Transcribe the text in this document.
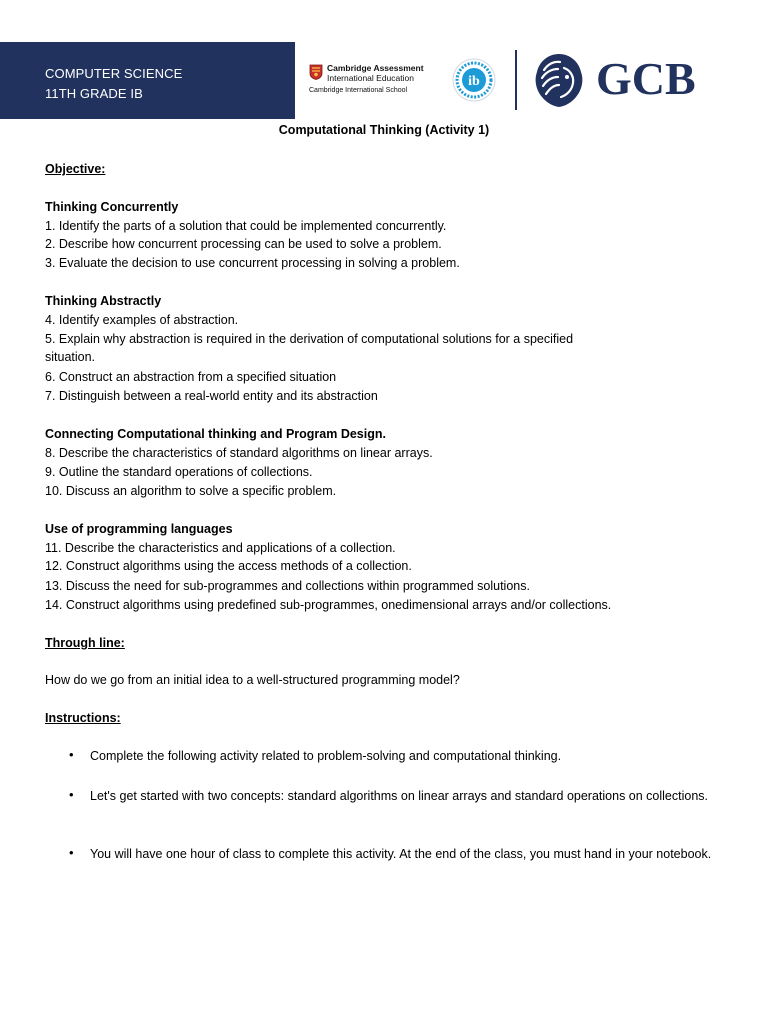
COMPUTER SCIENCE
11TH GRADE IB
Cambridge Assessment
International Education
Cambridge International School
ib	GCB
Computational Thinking (Activity 1)
Objective:
Thinking Concurrently
1. Identify the parts of a solution that could be implemented concurrently.
2. Describe how concurrent processing can be used to solve a problem.
3. Evaluate the decision to use concurrent processing in solving a problem.
Thinking Abstractly
4. Identify examples of abstraction.
5. Explain why abstraction is required in the derivation of computational solutions for a specified
situation.
6. Construct an abstraction from a specified situation
7. Distinguish between a real-world entity and its abstraction
Connecting Computational thinking and Program Design.
8. Describe the characteristics of standard algorithms on linear arrays.
9. Outline the standard operations of collections.
10. Discuss an algorithm to solve a specific problem.
Use of programming languages
11. Describe the characteristics and applications of a collection.
12. Construct algorithms using the access methods of a collection.
13. Discuss the need for sub-programmes and collections within programmed solutions.
14. Construct algorithms using predefined sub-programmes, onedimensional arrays and/or collections.
Through line:
How do we go from an initial idea to a well-structured programming model?
Instructions:
• Complete the following activity related to problem-solving and computational thinking.
• Let's get started with two concepts: standard algorithms on linear arrays and standard operations on collections.
• You will have one hour of class to complete this activity. At the end of the class, you must hand in your notebook.
